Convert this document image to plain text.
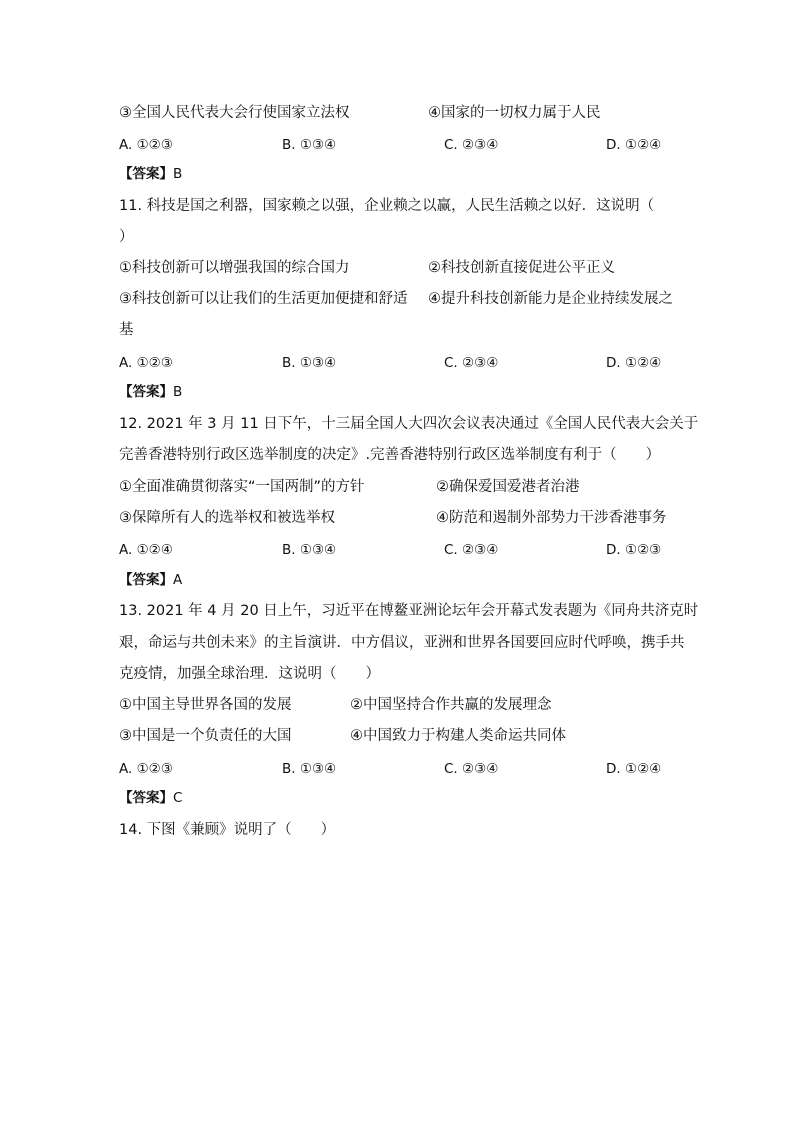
③全国人民代表大会行使国家立法权	④国家的一切权力属于人民
A. ①②③	B. ①③④	C. ②③④	D. ①②④
【答案】B
11. 科技是国之利器，国家赖之以强，企业赖之以赢，人民生活赖之以好．这说明（
）
①科技创新可以增强我国的综合国力	②科技创新直接促进公平正义
③科技创新可以让我们的生活更加便捷和舒适 ④提升科技创新能力是企业持续发展之
基
A. ①②③	B. ①③④	C. ②③④	D. ①②④
【答案】B
12. 2021 年 3 月 11 日下午，十三届全国人大四次会议表决通过《全国人民代表大会关于
完善香港特别行政区选举制度的决定》.完善香港特别行政区选举制度有利于（　　）
①全面准确贯彻落实“一国两制”的方针	②确保爱国爱港者治港
③保障所有人的选举权和被选举权	④防范和遏制外部势力干涉香港事务
A. ①②④	B. ①③④	C. ②③④	D. ①②③
【答案】A
13. 2021 年 4 月 20 日上午，习近平在博鳌亚洲论坛年会开幕式发表题为《同舟共济克时
艰，命运与共创未来》的主旨演讲．中方倡议，亚洲和世界各国要回应时代呼唤，携手共
克疫情，加强全球治理．这说明（　　）
①中国主导世界各国的发展	②中国坚持合作共赢的发展理念
③中国是一个负责任的大国	④中国致力于构建人类命运共同体
A. ①②③	B. ①③④	C. ②③④	D. ①②④
【答案】C
14. 下图《兼顾》说明了（　　）
